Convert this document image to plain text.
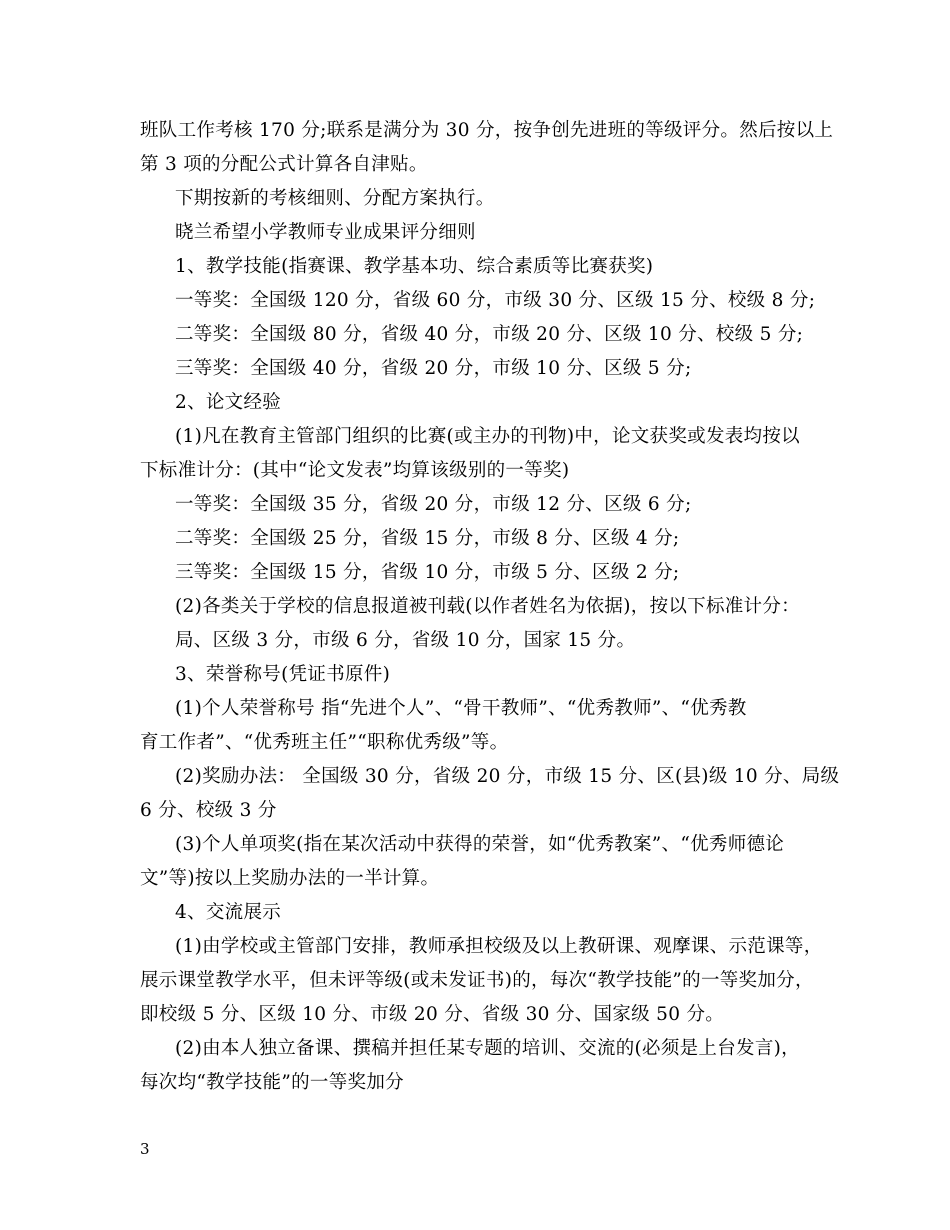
班队工作考核 170 分;联系是满分为 30 分，按争创先进班的等级评分。然后按以上
第 3 项的分配公式计算各自津贴。
下期按新的考核细则、分配方案执行。
晓兰希望小学教师专业成果评分细则
1、教学技能(指赛课、教学基本功、综合素质等比赛获奖)
一等奖：全国级 120 分，省级 60 分，市级 30 分、区级 15 分、校级 8 分;
二等奖：全国级 80 分，省级 40 分，市级 20 分、区级 10 分、校级 5 分;
三等奖：全国级 40 分，省级 20 分，市级 10 分、区级 5 分;
2、论文经验
(1)凡在教育主管部门组织的比赛(或主办的刊物)中，论文获奖或发表均按以
下标准计分：(其中“论文发表”均算该级别的一等奖)
一等奖：全国级 35 分，省级 20 分，市级 12 分、区级 6 分;
二等奖：全国级 25 分，省级 15 分，市级 8 分、区级 4 分;
三等奖：全国级 15 分，省级 10 分，市级 5 分、区级 2 分;
(2)各类关于学校的信息报道被刊载(以作者姓名为依据)，按以下标准计分：
局、区级 3 分，市级 6 分，省级 10 分，国家 15 分。
3、荣誉称号(凭证书原件)
(1)个人荣誉称号 指“先进个人”、“骨干教师”、“优秀教师”、“优秀教
育工作者”、“优秀班主任”“职称优秀级”等。
(2)奖励办法： 全国级 30 分，省级 20 分，市级 15 分、区(县)级 10 分、局级
6 分、校级 3 分
(3)个人单项奖(指在某次活动中获得的荣誉，如“优秀教案”、“优秀师德论
文”等)按以上奖励办法的一半计算。
4、交流展示
(1)由学校或主管部门安排，教师承担校级及以上教研课、观摩课、示范课等，
展示课堂教学水平，但未评等级(或未发证书)的，每次“教学技能”的一等奖加分，
即校级 5 分、区级 10 分、市级 20 分、省级 30 分、国家级 50 分。
(2)由本人独立备课、撰稿并担任某专题的培训、交流的(必须是上台发言)，
每次均“教学技能”的一等奖加分
3
